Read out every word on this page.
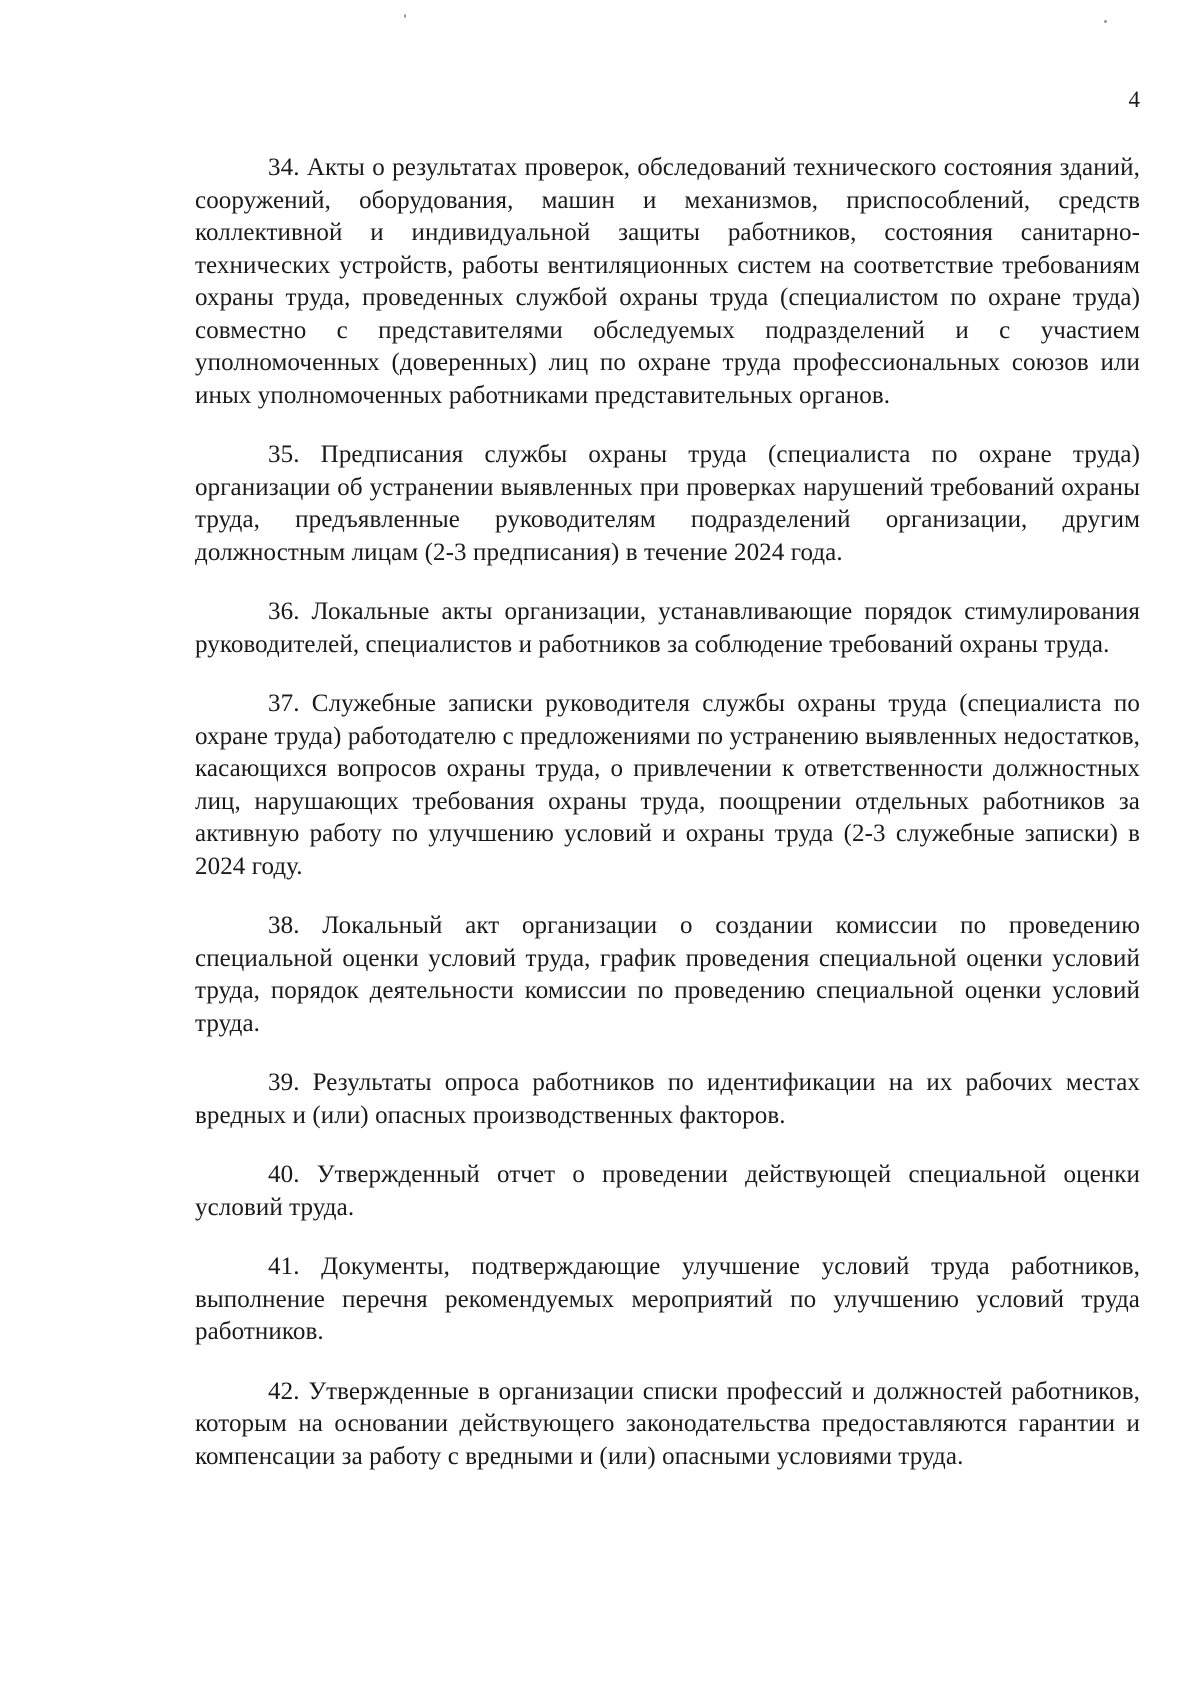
4

34. Акты о результатах проверок, обследований технического состояния зданий, сооружений, оборудования, машин и механизмов, приспособлений, средств коллективной и индивидуальной защиты работников, состояния санитарно-технических устройств, работы вентиляционных систем на соответствие требованиям охраны труда, проведенных службой охраны труда (специалистом по охране труда) совместно с представителями обследуемых подразделений и с участием уполномоченных (доверенных) лиц по охране труда профессиональных союзов или иных уполномоченных работниками представительных органов.

35. Предписания службы охраны труда (специалиста по охране труда) организации об устранении выявленных при проверках нарушений требований охраны труда, предъявленные руководителям подразделений организации, другим должностным лицам (2-3 предписания) в течение 2024 года.

36. Локальные акты организации, устанавливающие порядок стимулирования руководителей, специалистов и работников за соблюдение требований охраны труда.

37. Служебные записки руководителя службы охраны труда (специалиста по охране труда) работодателю с предложениями по устранению выявленных недостатков, касающихся вопросов охраны труда, о привлечении к ответственности должностных лиц, нарушающих требования охраны труда, поощрении отдельных работников за активную работу по улучшению условий и охраны труда (2-3 служебные записки) в 2024 году.

38. Локальный акт организации о создании комиссии по проведению специальной оценки условий труда, график проведения специальной оценки условий труда, порядок деятельности комиссии по проведению специальной оценки условий труда.

39. Результаты опроса работников по идентификации на их рабочих местах вредных и (или) опасных производственных факторов.

40. Утвержденный отчет о проведении действующей специальной оценки условий труда.

41. Документы, подтверждающие улучшение условий труда работников, выполнение перечня рекомендуемых мероприятий по улучшению условий труда работников.

42. Утвержденные в организации списки профессий и должностей работников, которым на основании действующего законодательства предоставляются гарантии и компенсации за работу с вредными и (или) опасными условиями труда.
